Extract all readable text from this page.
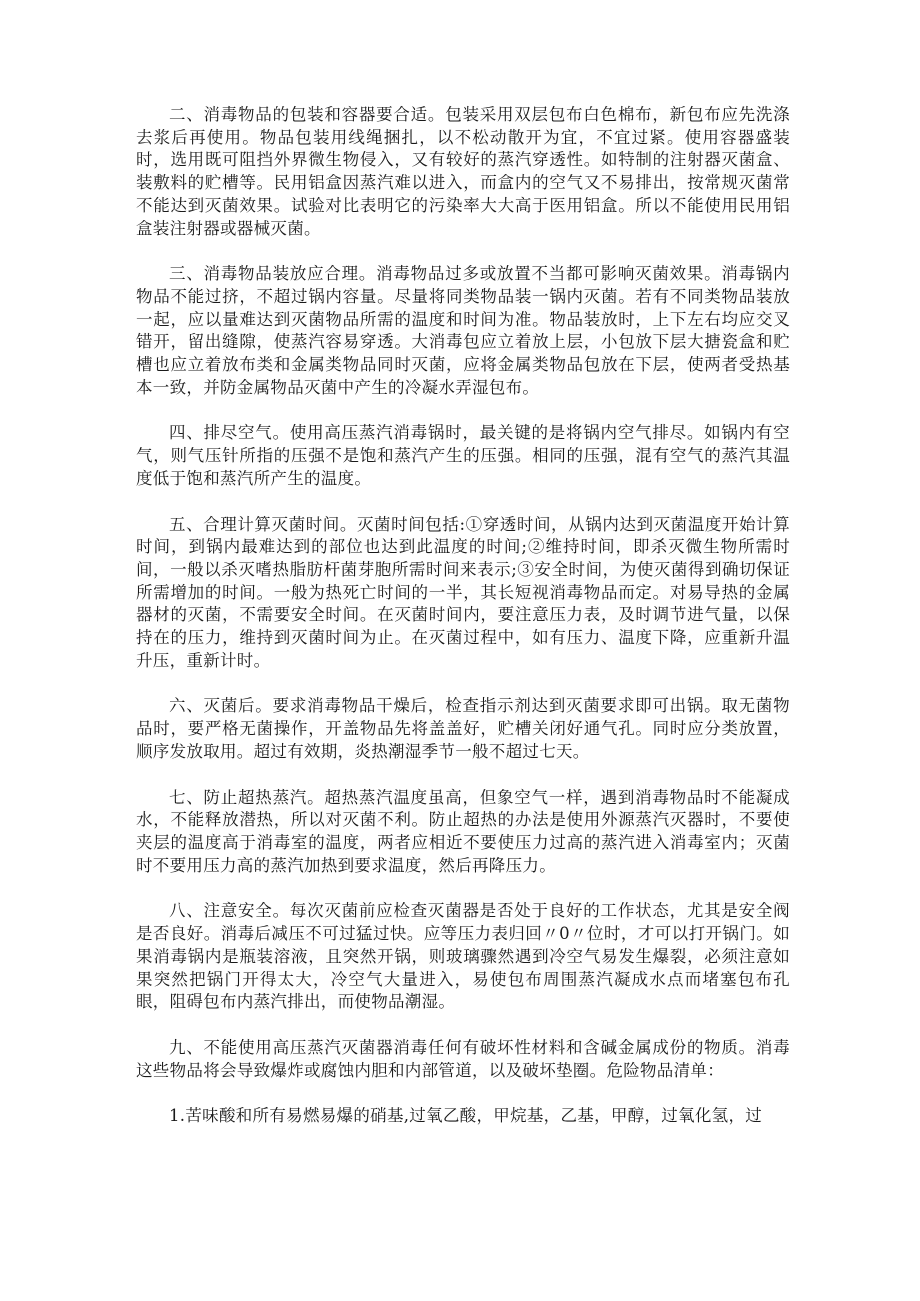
二、消毒物品的包装和容器要合适。包装采用双层包布白色棉布，新包布应先洗涤去浆后再使用。物品包装用线绳捆扎，以不松动散开为宜，不宜过紧。使用容器盛装时，选用既可阻挡外界微生物侵入，又有较好的蒸汽穿透性。如特制的注射器灭菌盒、装敷料的贮槽等。民用铝盒因蒸汽难以进入，而盒内的空气又不易排出，按常规灭菌常不能达到灭菌效果。试验对比表明它的污染率大大高于医用铝盒。所以不能使用民用铝盒装注射器或器械灭菌。

三、消毒物品装放应合理。消毒物品过多或放置不当都可影响灭菌效果。消毒锅内物品不能过挤，不超过锅内容量。尽量将同类物品装一锅内灭菌。若有不同类物品装放一起，应以量难达到灭菌物品所需的温度和时间为准。物品装放时，上下左右均应交叉错开，留出缝隙，使蒸汽容易穿透。大消毒包应立着放上层，小包放下层大搪瓷盒和贮槽也应立着放布类和金属类物品同时灭菌，应将金属类物品包放在下层，使两者受热基本一致，并防金属物品灭菌中产生的冷凝水弄湿包布。

四、排尽空气。使用高压蒸汽消毒锅时，最关键的是将锅内空气排尽。如锅内有空气，则气压针所指的压强不是饱和蒸汽产生的压强。相同的压强，混有空气的蒸汽其温度低于饱和蒸汽所产生的温度。

五、合理计算灭菌时间。灭菌时间包括:①穿透时间，从锅内达到灭菌温度开始计算时间，到锅内最难达到的部位也达到此温度的时间;②维持时间，即杀灭微生物所需时间，一般以杀灭嗜热脂肪杆菌芽胞所需时间来表示;③安全时间，为使灭菌得到确切保证所需增加的时间。一般为热死亡时间的一半，其长短视消毒物品而定。对易导热的金属器材的灭菌，不需要安全时间。在灭菌时间内，要注意压力表，及时调节进气量，以保持在的压力，维持到灭菌时间为止。在灭菌过程中，如有压力、温度下降，应重新升温升压，重新计时。

六、灭菌后。要求消毒物品干燥后，检查指示剂达到灭菌要求即可出锅。取无菌物品时，要严格无菌操作，开盖物品先将盖盖好，贮槽关闭好通气孔。同时应分类放置，顺序发放取用。超过有效期，炎热潮湿季节一般不超过七天。

七、防止超热蒸汽。超热蒸汽温度虽高，但象空气一样，遇到消毒物品时不能凝成水，不能释放潜热，所以对灭菌不利。防止超热的办法是使用外源蒸汽灭器时，不要使夹层的温度高于消毒室的温度，两者应相近不要使压力过高的蒸汽进入消毒室内；灭菌时不要用压力高的蒸汽加热到要求温度，然后再降压力。

八、注意安全。每次灭菌前应检查灭菌器是否处于良好的工作状态，尤其是安全阀是否良好。消毒后减压不可过猛过快。应等压力表归回〃0〃位时，才可以打开锅门。如果消毒锅内是瓶装溶液，且突然开锅，则玻璃骤然遇到冷空气易发生爆裂，必须注意如果突然把锅门开得太大，冷空气大量进入，易使包布周围蒸汽凝成水点而堵塞包布孔眼，阻碍包布内蒸汽排出，而使物品潮湿。

九、不能使用高压蒸汽灭菌器消毒任何有破坏性材料和含碱金属成份的物质。消毒这些物品将会导致爆炸或腐蚀内胆和内部管道，以及破坏垫圈。危险物品清单：

1.苦味酸和所有易燃易爆的硝基,过氧乙酸，甲烷基，乙基，甲醇，过氧化氢，过
